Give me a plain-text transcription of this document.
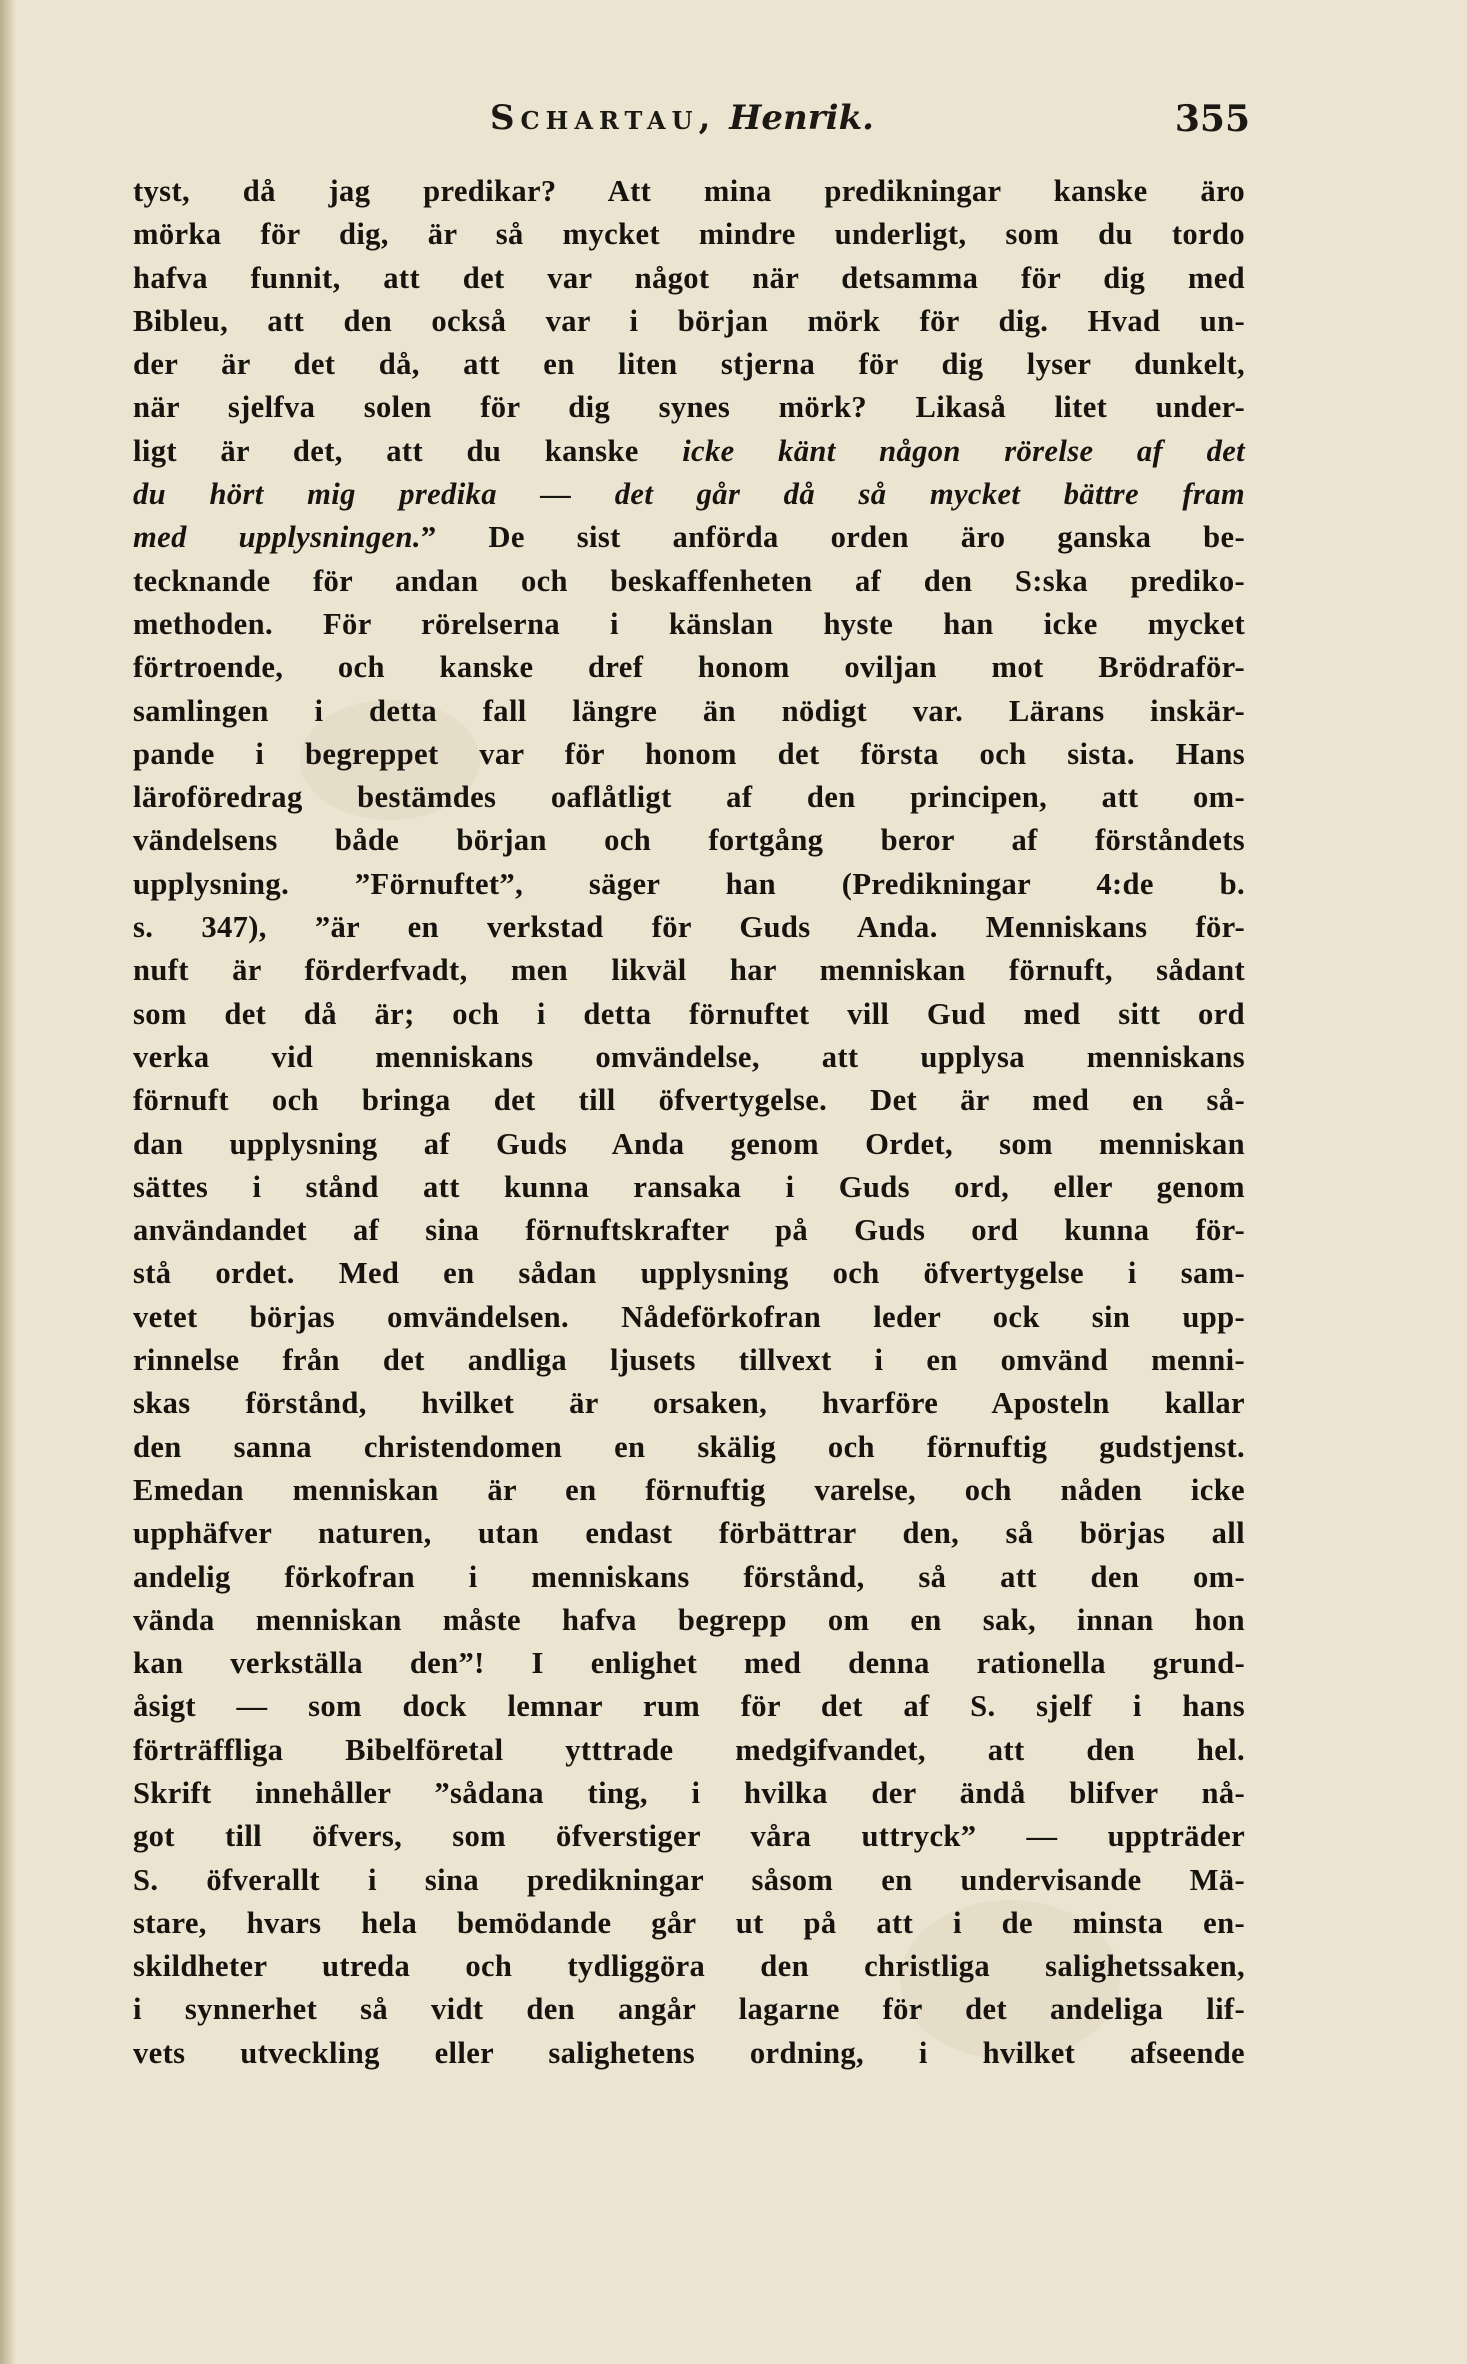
Schartau, Henrik.	355
tyst, då jag predikar? Att mina predikningar kanske äro
mörka för dig, är så mycket mindre underligt, som du tordo
hafva funnit, att det var något när detsamma för dig med
Bibleu, att den också var i början mörk för dig. Hvad un-
der är det då, att en liten stjerna för dig lyser dunkelt,
när sjelfva solen för dig synes mörk? Likaså litet under-
ligt är det, att du kanske icke känt någon rörelse af det
du hört mig predika — det går då så mycket bättre fram
med upplysningen.” De sist anförda orden äro ganska be-
tecknande för andan och beskaffenheten af den S:ska prediko-
methoden. För rörelserna i känslan hyste han icke mycket
förtroende, och kanske dref honom oviljan mot Brödraför-
samlingen i detta fall längre än nödigt var. Lärans inskär-
pande i begreppet var för honom det första och sista. Hans
läroföredrag bestämdes oaflåtligt af den principen, att om-
vändelsens både början och fortgång beror af förståndets
upplysning. ”Förnuftet”, säger han (Predikningar 4:de b.
s. 347), ”är en verkstad för Guds Anda. Menniskans för-
nuft är förderfvadt, men likväl har menniskan förnuft, sådant
som det då är; och i detta förnuftet vill Gud med sitt ord
verka vid menniskans omvändelse, att upplysa menniskans
förnuft och bringa det till öfvertygelse. Det är med en så-
dan upplysning af Guds Anda genom Ordet, som menniskan
sättes i stånd att kunna ransaka i Guds ord, eller genom
användandet af sina förnuftskrafter på Guds ord kunna för-
stå ordet. Med en sådan upplysning och öfvertygelse i sam-
vetet börjas omvändelsen. Nådeförkofran leder ock sin upp-
rinnelse från det andliga ljusets tillvext i en omvänd menni-
skas förstånd, hvilket är orsaken, hvarföre Aposteln kallar
den sanna christendomen en skälig och förnuftig gudstjenst.
Emedan menniskan är en förnuftig varelse, och nåden icke
upphäfver naturen, utan endast förbättrar den, så börjas all
andelig förkofran i menniskans förstånd, så att den om-
vända menniskan måste hafva begrepp om en sak, innan hon
kan verkställa den”! I enlighet med denna rationella grund-
åsigt — som dock lemnar rum för det af S. sjelf i hans
förträffliga Bibelföretal ytttrade medgifvandet, att den hel.
Skrift innehåller ”sådana ting, i hvilka der ändå blifver nå-
got till öfvers, som öfverstiger våra uttryck” — uppträder
S. öfverallt i sina predikningar såsom en undervisande Mä-
stare, hvars hela bemödande går ut på att i de minsta en-
skildheter utreda och tydliggöra den christliga salighetssaken,
i synnerhet så vidt den angår lagarne för det andeliga lif-
vets utveckling eller salighetens ordning, i hvilket afseende
